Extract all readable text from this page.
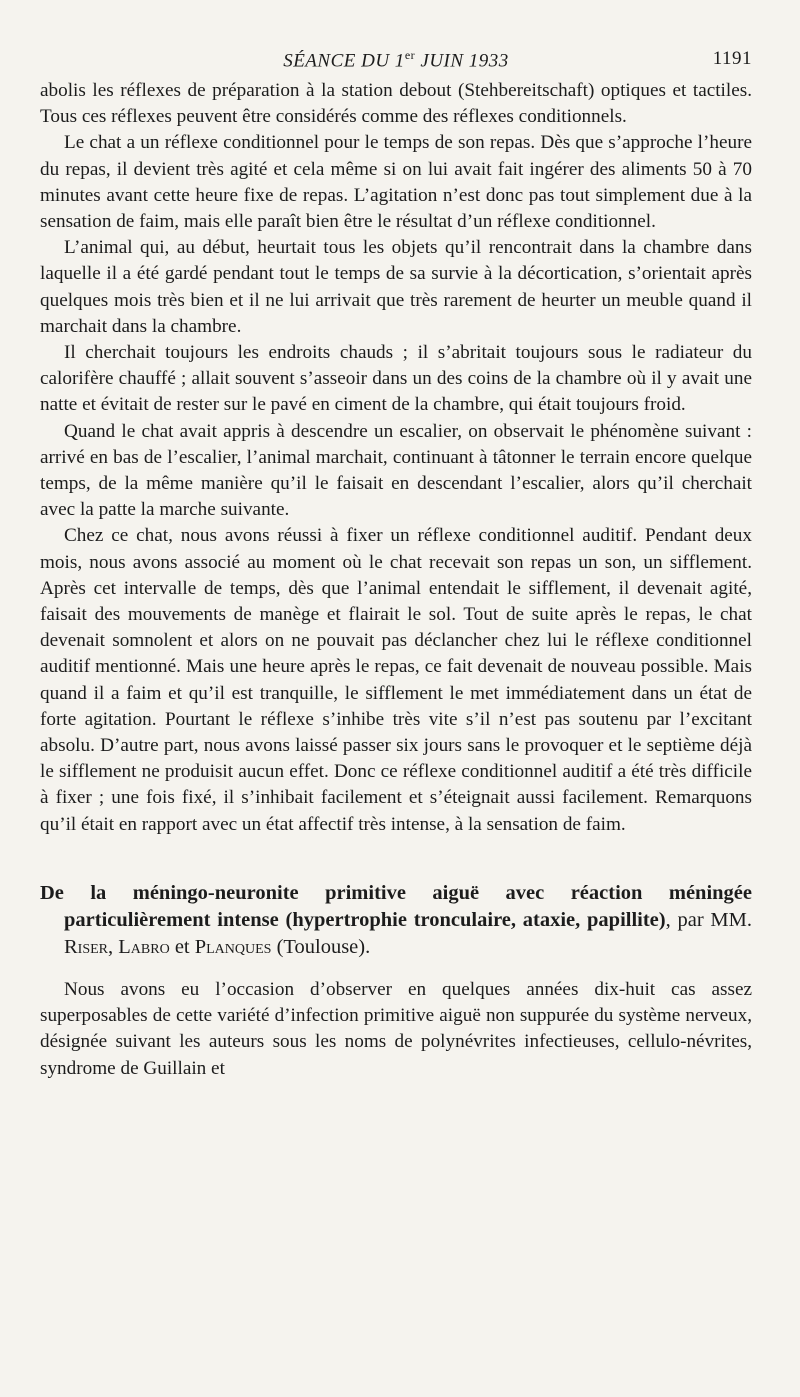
SÉANCE DU 1er JUIN 1933	1191

abolis les réflexes de préparation à la station debout (Stehbereitschaft) optiques et tactiles. Tous ces réflexes peuvent être considérés comme des réflexes conditionnels.

Le chat a un réflexe conditionnel pour le temps de son repas. Dès que s’approche l’heure du repas, il devient très agité et cela même si on lui avait fait ingérer des aliments 50 à 70 minutes avant cette heure fixe de repas. L’agitation n’est donc pas tout simplement due à la sensation de faim, mais elle paraît bien être le résultat d’un réflexe conditionnel.

L’animal qui, au début, heurtait tous les objets qu’il rencontrait dans la chambre dans laquelle il a été gardé pendant tout le temps de sa survie à la décortication, s’orientait après quelques mois très bien et il ne lui arrivait que très rarement de heurter un meuble quand il marchait dans la chambre.

Il cherchait toujours les endroits chauds ; il s’abritait toujours sous le radiateur du calorifère chauffé ; allait souvent s’asseoir dans un des coins de la chambre où il y avait une natte et évitait de rester sur le pavé en ciment de la chambre, qui était toujours froid.

Quand le chat avait appris à descendre un escalier, on observait le phénomène suivant : arrivé en bas de l’escalier, l’animal marchait, continuant à tâtonner le terrain encore quelque temps, de la même manière qu’il le faisait en descendant l’escalier, alors qu’il cherchait avec la patte la marche suivante.

Chez ce chat, nous avons réussi à fixer un réflexe conditionnel auditif. Pendant deux mois, nous avons associé au moment où le chat recevait son repas un son, un sifflement. Après cet intervalle de temps, dès que l’animal entendait le sifflement, il devenait agité, faisait des mouvements de manège et flairait le sol. Tout de suite après le repas, le chat devenait somnolent et alors on ne pouvait pas déclancher chez lui le réflexe conditionnel auditif mentionné. Mais une heure après le repas, ce fait devenait de nouveau possible. Mais quand il a faim et qu’il est tranquille, le sifflement le met immédiatement dans un état de forte agitation. Pourtant le réflexe s’inhibe très vite s’il n’est pas soutenu par l’excitant absolu. D’autre part, nous avons laissé passer six jours sans le provoquer et le septième déjà le sifflement ne produisit aucun effet. Donc ce réflexe conditionnel auditif a été très difficile à fixer ; une fois fixé, il s’inhibait facilement et s’éteignait aussi facilement. Remarquons qu’il était en rapport avec un état affectif très intense, à la sensation de faim.

De la méningo-neuronite primitive aiguë avec réaction méningée particulièrement intense (hypertrophie tronculaire, ataxie, papillite), par MM. Riser, Labro et Planques (Toulouse).

Nous avons eu l’occasion d’observer en quelques années dix-huit cas assez superposables de cette variété d’infection primitive aiguë non suppurée du système nerveux, désignée suivant les auteurs sous les noms de polynévrites infectieuses, cellulo-névrites, syndrome de Guillain et
